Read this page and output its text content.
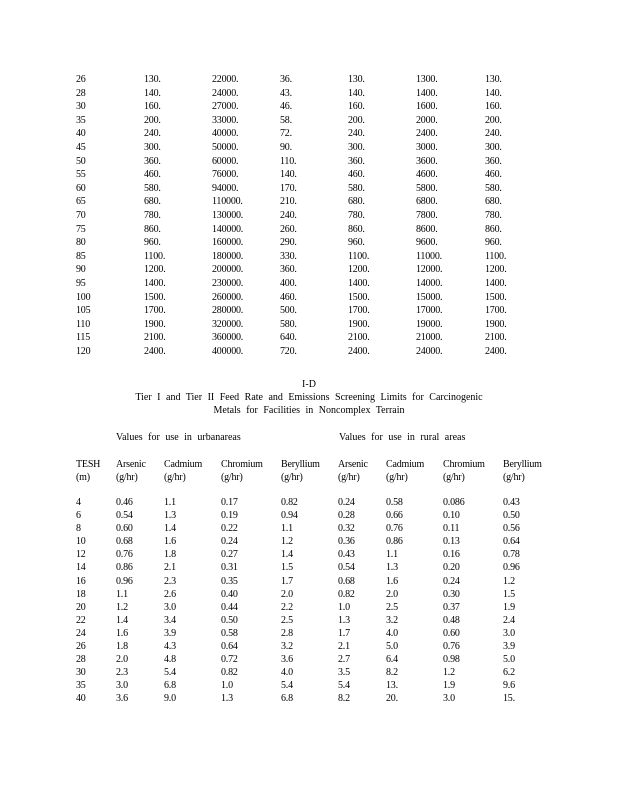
26	130.	22000.	36.	130.	1300.	130.
28	140.	24000.	43.	140.	1400.	140.
30	160.	27000.	46.	160.	1600.	160.
35	200.	33000.	58.	200.	2000.	200.
40	240.	40000.	72.	240.	2400.	240.
45	300.	50000.	90.	300.	3000.	300.
50	360.	60000.	110.	360.	3600.	360.
55	460.	76000.	140.	460.	4600.	460.
60	580.	94000.	170.	580.	5800.	580.
65	680.	110000.	210.	680.	6800.	680.
70	780.	130000.	240.	780.	7800.	780.
75	860.	140000.	260.	860.	8600.	860.
80	960.	160000.	290.	960.	9600.	960.
85	1100.	180000.	330.	1100.	11000.	1100.
90	1200.	200000.	360.	1200.	12000.	1200.
95	1400.	230000.	400.	1400.	14000.	1400.
100	1500.	260000.	460.	1500.	15000.	1500.
105	1700.	280000.	500.	1700.	17000.	1700.
110	1900.	320000.	580.	1900.	19000.	1900.
115	2100.	360000.	640.	2100.	21000.	2100.
120	2400.	400000.	720.	2400.	24000.	2400.
I-D
Tier I and Tier II Feed Rate and Emissions Screening Limits for Carcinogenic
Metals for Facilities in Noncomplex Terrain
Values for use in urbanareas	Values for use in rural areas
TESH	Arsenic	Cadmium	Chromium	Beryllium	Arsenic	Cadmium	Chromium	Beryllium
(m)	(g/hr)	(g/hr)	(g/hr)	(g/hr)	(g/hr)	(g/hr)	(g/hr)	(g/hr)

4	0.46	1.1	0.17	0.82	0.24	0.58	0.086	0.43
6	0.54	1.3	0.19	0.94	0.28	0.66	0.10	0.50
8	0.60	1.4	0.22	1.1	0.32	0.76	0.11	0.56
10	0.68	1.6	0.24	1.2	0.36	0.86	0.13	0.64
12	0.76	1.8	0.27	1.4	0.43	1.1	0.16	0.78
14	0.86	2.1	0.31	1.5	0.54	1.3	0.20	0.96
16	0.96	2.3	0.35	1.7	0.68	1.6	0.24	1.2
18	1.1	2.6	0.40	2.0	0.82	2.0	0.30	1.5
20	1.2	3.0	0.44	2.2	1.0	2.5	0.37	1.9
22	1.4	3.4	0.50	2.5	1.3	3.2	0.48	2.4
24	1.6	3.9	0.58	2.8	1.7	4.0	0.60	3.0
26	1.8	4.3	0.64	3.2	2.1	5.0	0.76	3.9
28	2.0	4.8	0.72	3.6	2.7	6.4	0.98	5.0
30	2.3	5.4	0.82	4.0	3.5	8.2	1.2	6.2
35	3.0	6.8	1.0	5.4	5.4	13.	1.9	9.6
40	3.6	9.0	1.3	6.8	8.2	20.	3.0	15.
